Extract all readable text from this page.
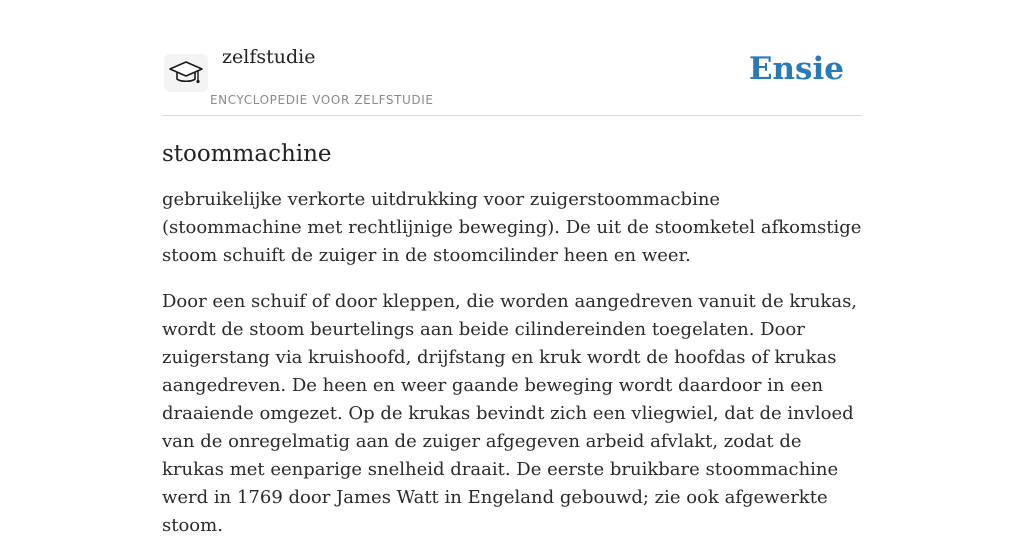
zelfstudie
ENCYCLOPEDIE VOOR ZELFSTUDIE
Ensie
stoommachine

gebruikelijke verkorte uitdrukking voor zuigerstoommacbine (stoommachine met rechtlijnige beweging). De uit de stoomketel afkomstige stoom schuift de zuiger in de stoomcilinder heen en weer.

Door een schuif of door kleppen, die worden aangedreven vanuit de krukas, wordt de stoom beurtelings aan beide cilindereinden toegelaten. Door zuigerstang via kruishoofd, drijfstang en kruk wordt de hoofdas of krukas aangedreven. De heen en weer gaande beweging wordt daardoor in een draaiende omgezet. Op de krukas bevindt zich een vliegwiel, dat de invloed van de onregelmatig aan de zuiger afgegeven arbeid afvlakt, zodat de krukas met eenparige snelheid draait. De eerste bruikbare stoommachine werd in 1769 door James Watt in Engeland gebouwd; zie ook afgewerkte stoom.
